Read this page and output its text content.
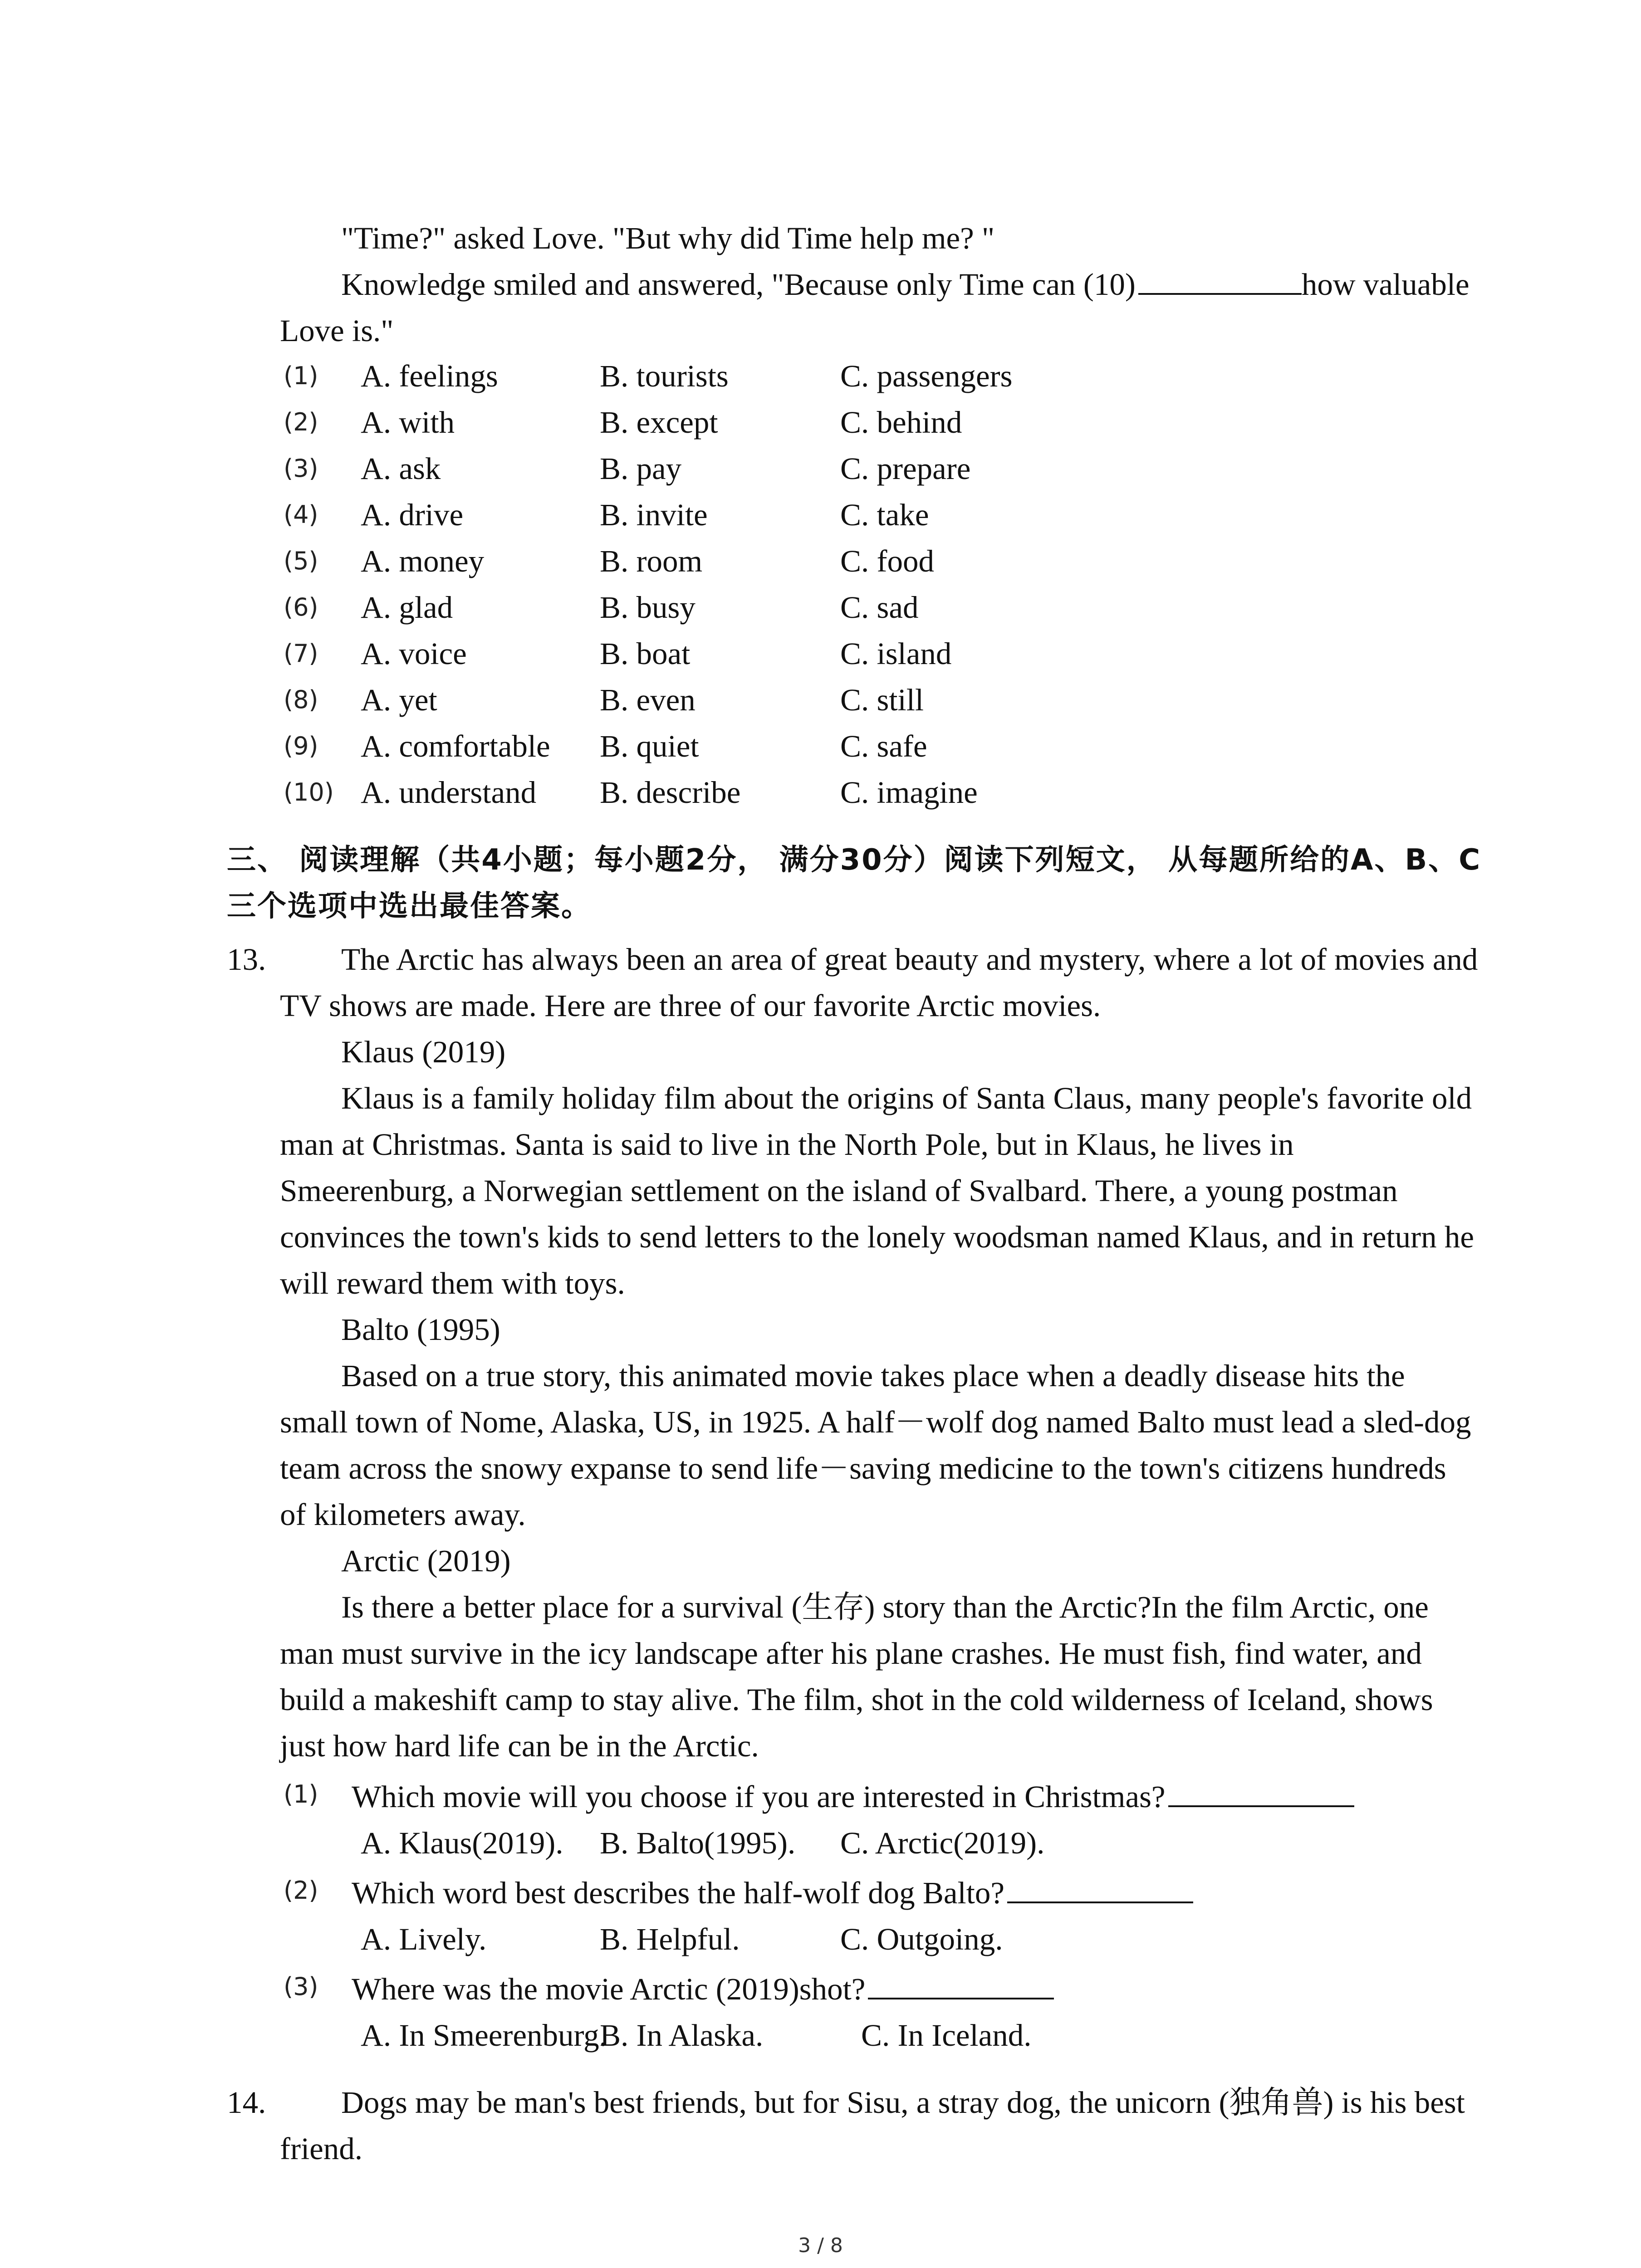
"Time?" asked Love. "But why did Time help me? "
Knowledge smiled and answered, "Because only Time can (10)	how valuable
Love is."
(1) A. feelings	B. tourists	C. passengers
(2) A. with	B. except	C. behind
(3) A. ask	B. pay	C. prepare
(4) A. drive	B. invite	C. take
(5) A. money	B. room	C. food
(6) A. glad	B. busy	C. sad
(7) A. voice	B. boat	C. island
(8) A. yet	B. even	C. still
(9) A. comfortable B. quiet	C. safe
(10) A. understand B. describe	C. imagine
三、 阅读理解（共4小题；每小题2分， 满分30分）阅读下列短文， 从每题所给的A、B、C
三个选项中选出最佳答案。
13. The Arctic has always been an area of great beauty and mystery, where a lot of movies and
TV shows are made. Here are three of our favorite Arctic movies.
Klaus (2019)
Klaus is a family holiday film about the origins of Santa Claus, many people's favorite old
man at Christmas. Santa is said to live in the North Pole, but in Klaus, he lives in
Smeerenburg, a Norwegian settlement on the island of Svalbard. There, a young postman
convinces the town's kids to send letters to the lonely woodsman named Klaus, and in return he
will reward them with toys.
Balto (1995)
Based on a true story, this animated movie takes place when a deadly disease hits the
small town of Nome, Alaska, US, in 1925. A half－wolf dog named Balto must lead a sled-dog
team across the snowy expanse to send life－saving medicine to the town's citizens hundreds
of kilometers away.
Arctic (2019)
Is there a better place for a survival (生存) story than the Arctic?In the film Arctic, one
man must survive in the icy landscape after his plane crashes. He must fish, find water, and
build a makeshift camp to stay alive. The film, shot in the cold wilderness of Iceland, shows
just how hard life can be in the Arctic.
(1) Which movie will you choose if you are interested in Christmas?
A. Klaus(2019). B. Balto(1995). C. Arctic(2019).
(2) Which word best describes the half-wolf dog Balto?
A. Lively.	B. Helpful.	C. Outgoing.
(3) Where was the movie Arctic (2019)shot?
A. In Smeerenburg.
B. In Alaska.	C. In Iceland.
14. Dogs may be man's best friends, but for Sisu, a stray dog, the unicorn (独角兽) is his best
friend.
3 / 8
